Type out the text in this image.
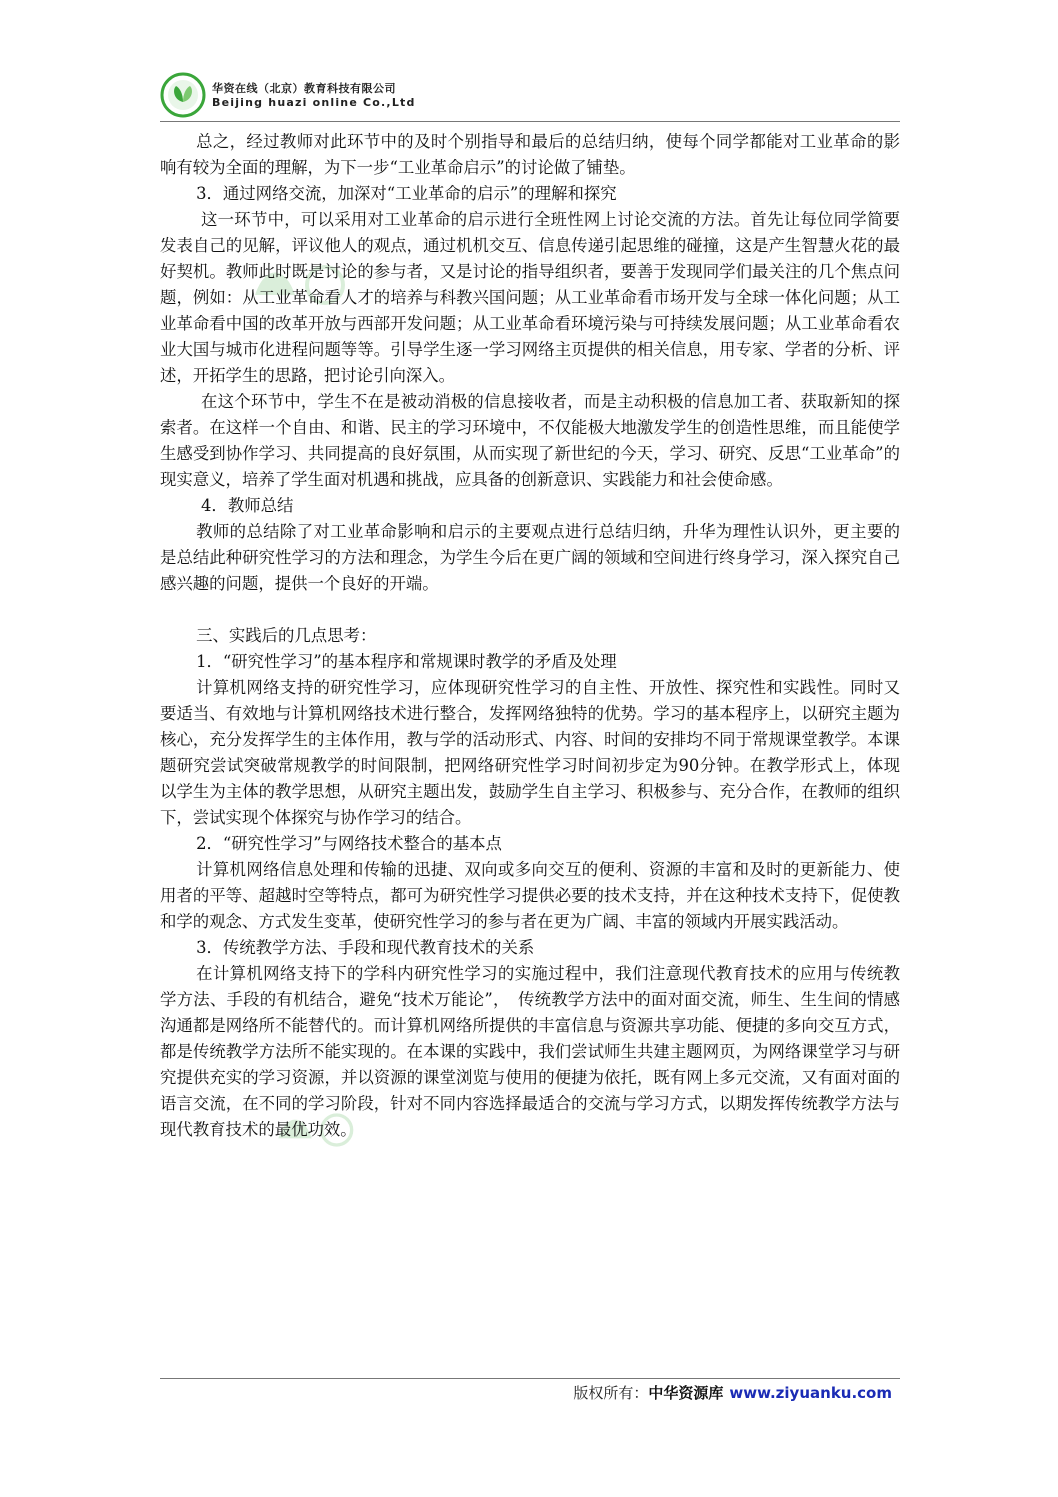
华资在线（北京）教育科技有限公司
Beijing huazi online Co.,Ltd

总之，经过教师对此环节中的及时个别指导和最后的总结归纳，使每个同学都能对工业革命的影响有较为全面的理解，为下一步“工业革命启示”的讨论做了铺垫。

3．通过网络交流，加深对“工业革命的启示”的理解和探究

这一环节中，可以采用对工业革命的启示进行全班性网上讨论交流的方法。首先让每位同学简要发表自己的见解，评议他人的观点，通过机机交互、信息传递引起思维的碰撞，这是产生智慧火花的最好契机。教师此时既是讨论的参与者，又是讨论的指导组织者，要善于发现同学们最关注的几个焦点问题，例如：从工业革命看人才的培养与科教兴国问题；从工业革命看市场开发与全球一体化问题；从工业革命看中国的改革开放与西部开发问题；从工业革命看环境污染与可持续发展问题；从工业革命看农业大国与城市化进程问题等等。引导学生逐一学习网络主页提供的相关信息，用专家、学者的分析、评述，开拓学生的思路，把讨论引向深入。

在这个环节中，学生不在是被动消极的信息接收者，而是主动积极的信息加工者、获取新知的探索者。在这样一个自由、和谐、民主的学习环境中，不仅能极大地激发学生的创造性思维，而且能使学生感受到协作学习、共同提高的良好氛围，从而实现了新世纪的今天，学习、研究、反思“工业革命”的现实意义，培养了学生面对机遇和挑战，应具备的创新意识、实践能力和社会使命感。

4．教师总结

教师的总结除了对工业革命影响和启示的主要观点进行总结归纳，升华为理性认识外，更主要的是总结此种研究性学习的方法和理念，为学生今后在更广阔的领域和空间进行终身学习，深入探究自己感兴趣的问题，提供一个良好的开端。

三、实践后的几点思考：

1．“研究性学习”的基本程序和常规课时教学的矛盾及处理

计算机网络支持的研究性学习，应体现研究性学习的自主性、开放性、探究性和实践性。同时又要适当、有效地与计算机网络技术进行整合，发挥网络独特的优势。学习的基本程序上，以研究主题为核心，充分发挥学生的主体作用，教与学的活动形式、内容、时间的安排均不同于常规课堂教学。本课题研究尝试突破常规教学的时间限制，把网络研究性学习时间初步定为90分钟。在教学形式上，体现以学生为主体的教学思想，从研究主题出发，鼓励学生自主学习、积极参与、充分合作，在教师的组织下，尝试实现个体探究与协作学习的结合。

2．“研究性学习”与网络技术整合的基本点

计算机网络信息处理和传输的迅捷、双向或多向交互的便利、资源的丰富和及时的更新能力、使用者的平等、超越时空等特点，都可为研究性学习提供必要的技术支持，并在这种技术支持下，促使教和学的观念、方式发生变革，使研究性学习的参与者在更为广阔、丰富的领域内开展实践活动。

3．传统教学方法、手段和现代教育技术的关系

在计算机网络支持下的学科内研究性学习的实施过程中，我们注意现代教育技术的应用与传统教学方法、手段的有机结合，避免“技术万能论”，　传统教学方法中的面对面交流，师生、生生间的情感沟通都是网络所不能替代的。而计算机网络所提供的丰富信息与资源共享功能、便捷的多向交互方式，都是传统教学方法所不能实现的。在本课的实践中，我们尝试师生共建主题网页，为网络课堂学习与研究提供充实的学习资源，并以资源的课堂浏览与使用的便捷为依托，既有网上多元交流，又有面对面的语言交流，在不同的学习阶段，针对不同内容选择最适合的交流与学习方式，以期发挥传统教学方法与现代教育技术的最优功效。

版权所有：中华资源库 www.ziyuanku.com
